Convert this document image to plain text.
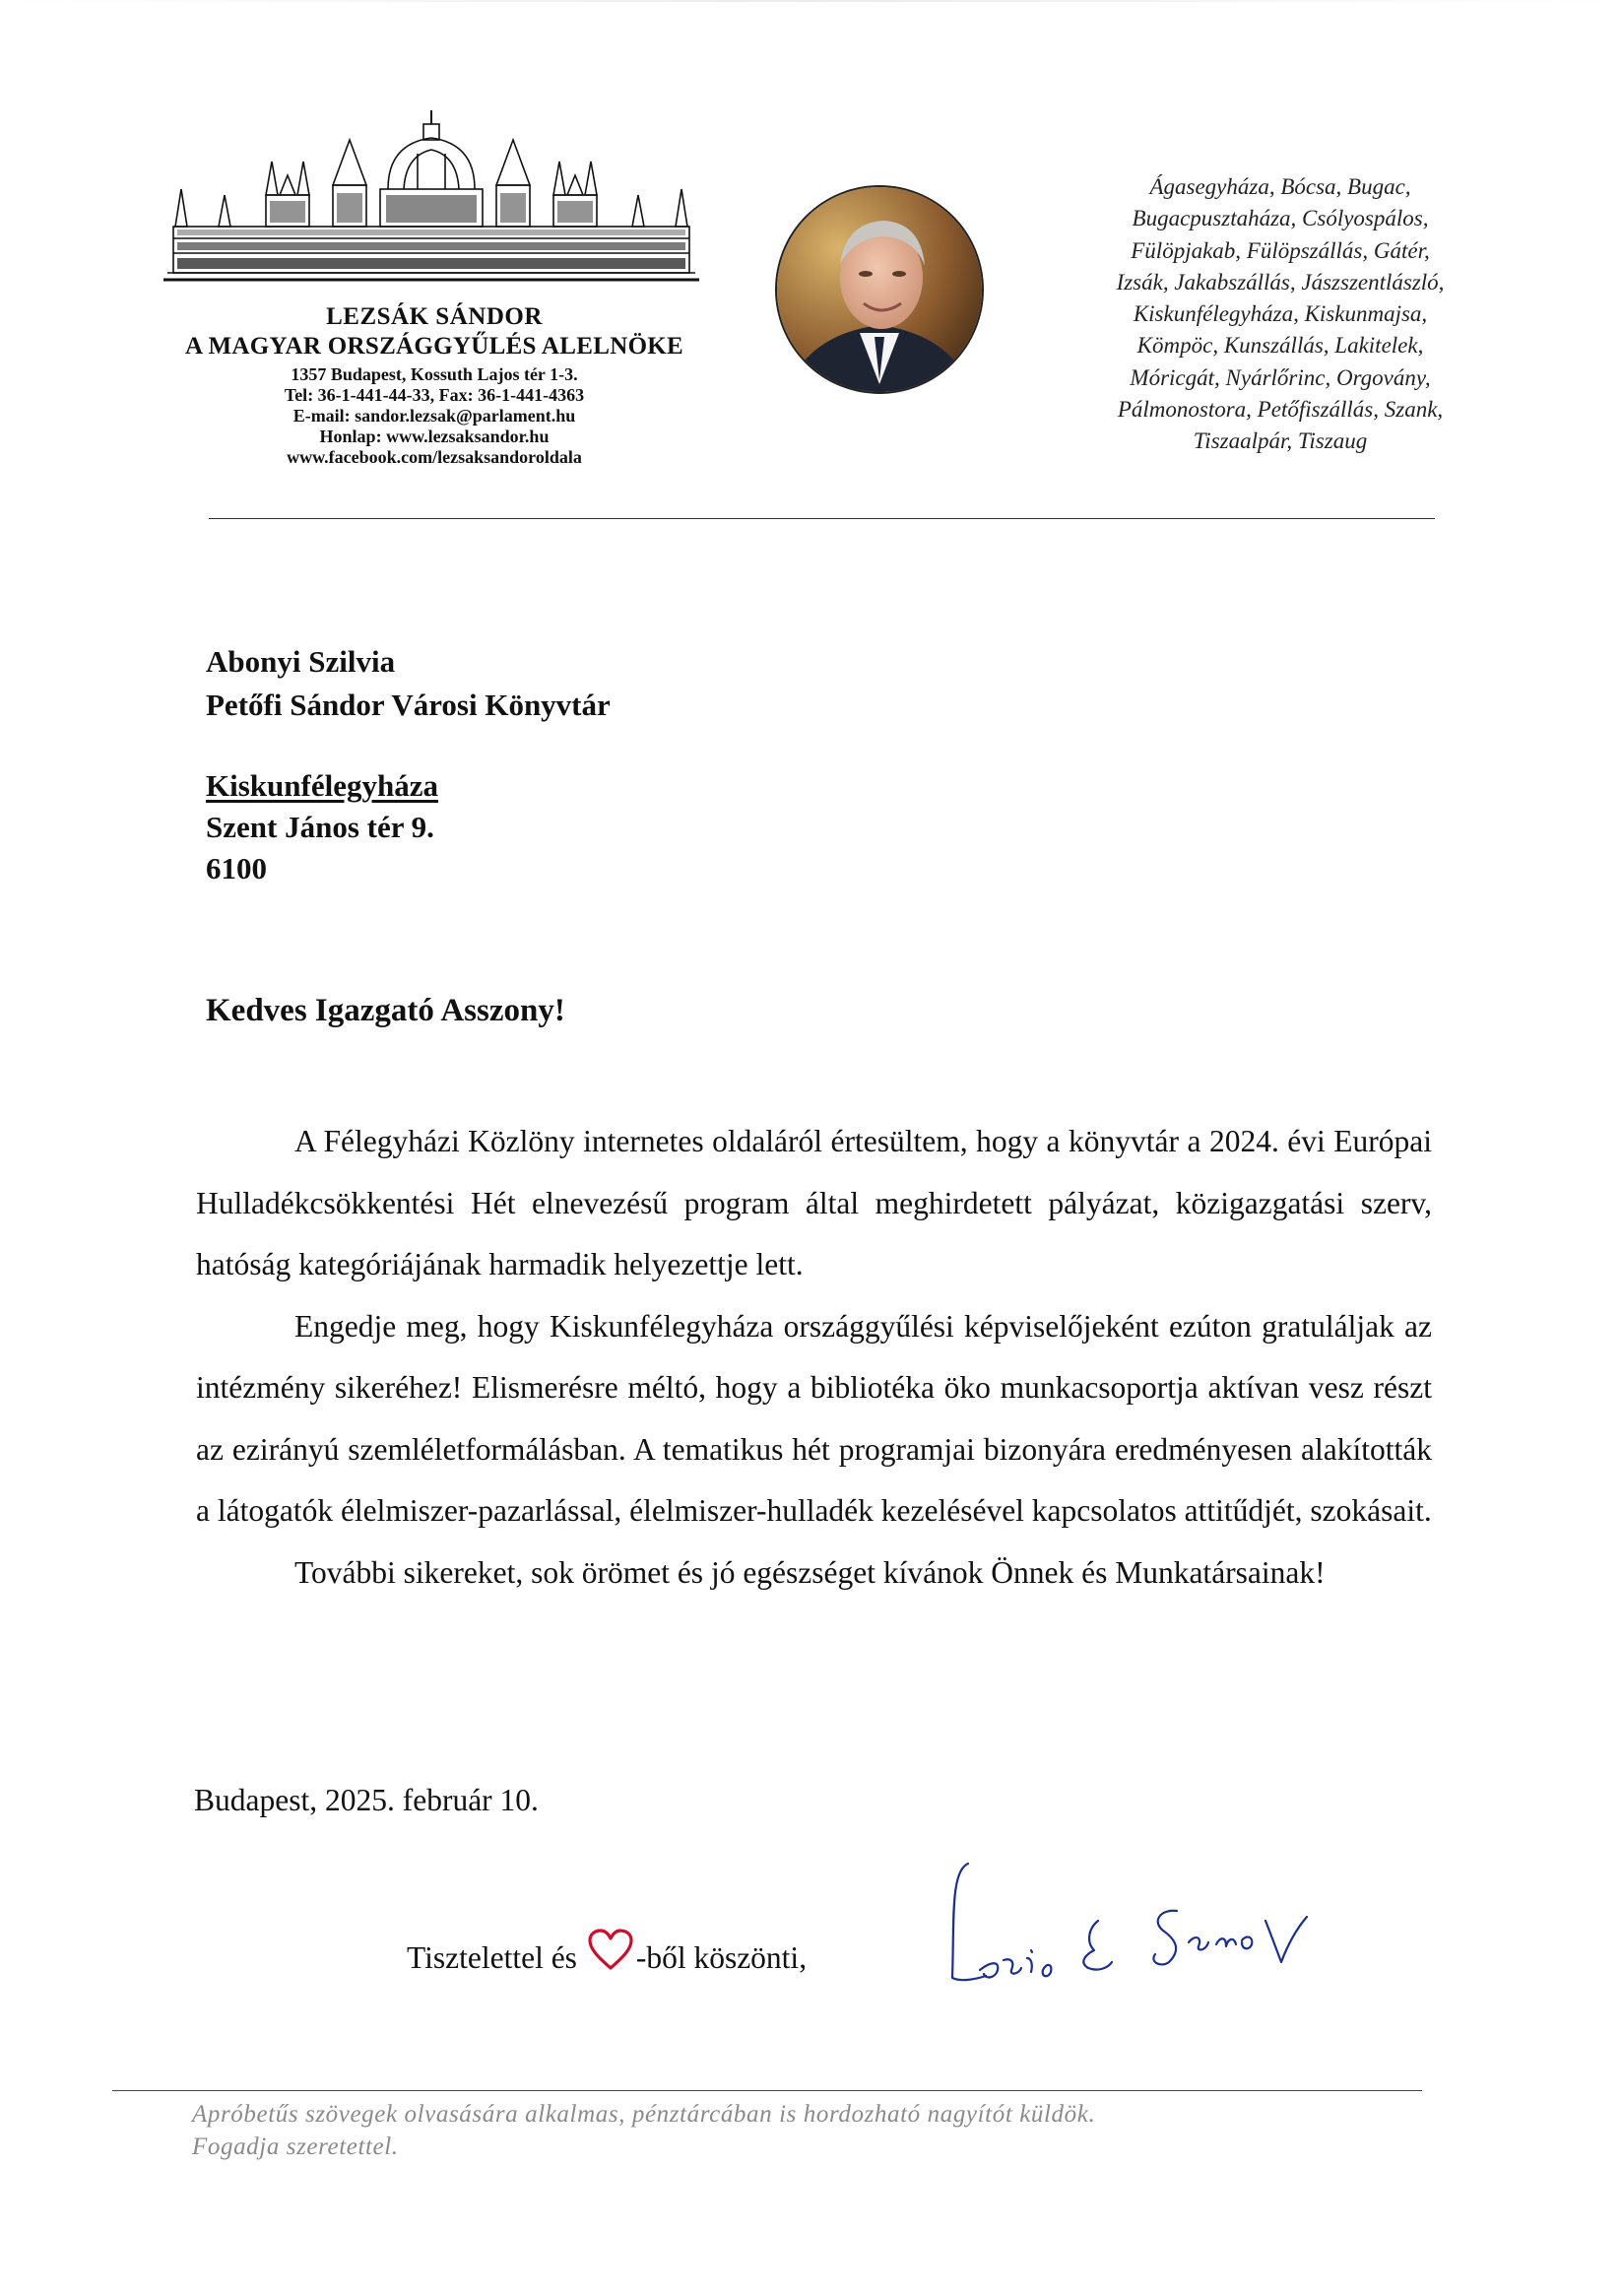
LEZSÁK SÁNDOR
A MAGYAR ORSZÁGGYŰLÉS ALELNÖKE
1357 Budapest, Kossuth Lajos tér 1-3.
Tel: 36-1-441-44-33, Fax: 36-1-441-4363
E-mail: sandor.lezsak@parlament.hu
Honlap: www.lezsaksandor.hu
www.facebook.com/lezsaksandoroldala
Ágasegyháza, Bócsa, Bugac,
Bugacpusztaháza, Csólyospálos,
Fülöpjakab, Fülöpszállás, Gátér,
Izsák, Jakabszállás, Jászszentlászló,
Kiskunfélegyháza, Kiskunmajsa,
Kömpöc, Kunszállás, Lakitelek,
Móricgát, Nyárlőrinc, Orgovány,
Pálmonostora, Petőfiszállás, Szank,
Tiszaalpár, Tiszaug
Abonyi Szilvia
Petőfi Sándor Városi Könyvtár
Kiskunfélegyháza
Szent János tér 9.
6100
Kedves Igazgató Asszony!

A Félegyházi Közlöny internetes oldaláról értesültem, hogy a könyvtár a 2024. évi Európai Hulladékcsökkentési Hét elnevezésű program által meghirdetett pályázat, közigazgatási szerv, hatóság kategóriájának harmadik helyezettje lett.

Engedje meg, hogy Kiskunfélegyháza országgyűlési képviselőjeként ezúton gratuláljak az intézmény sikeréhez! Elismerésre méltó, hogy a bibliotéka öko munkacsoportja aktívan vesz részt az ezirányú szemléletformálásban. A tematikus hét programjai bizonyára eredményesen alakították a látogatók élelmiszer-pazarlással, élelmiszer-hulladék kezelésével kapcsolatos attitűdjét, szokásait.

További sikereket, sok örömet és jó egészséget kívánok Önnek és Munkatársainak!

Budapest, 2025. február 10.
Tisztelettel és -ből köszönti,
Apróbetűs szövegek olvasására alkalmas, pénztárcában is hordozható nagyítót küldök.
Fogadja szeretettel.
